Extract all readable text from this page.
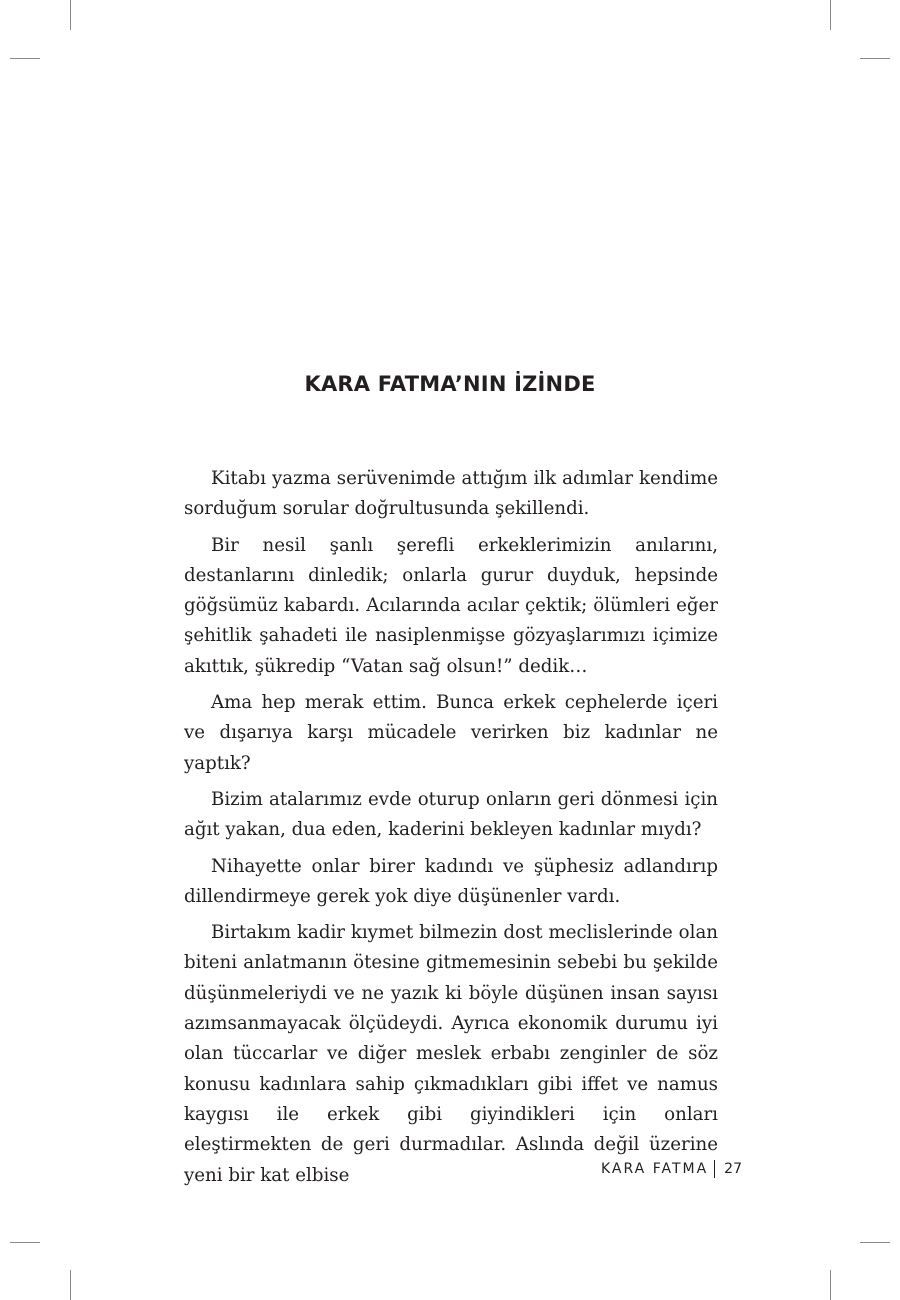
KARA FATMA’NIN İZİNDE

Kitabı yazma serüvenimde attığım ilk adımlar kendime sorduğum sorular doğrultusunda şekillendi.

Bir nesil şanlı şerefli erkeklerimizin anılarını, destanlarını dinledik; onlarla gurur duyduk, hepsinde göğsümüz kabardı. Acılarında acılar çektik; ölümleri eğer şehitlik şahadeti ile nasiplenmişse gözyaşlarımızı içimize akıttık, şükredip “Vatan sağ olsun!” dedik…

Ama hep merak ettim. Bunca erkek cephelerde içeri ve dışarıya karşı mücadele verirken biz kadınlar ne yaptık?

Bizim atalarımız evde oturup onların geri dönmesi için ağıt yakan, dua eden, kaderini bekleyen kadınlar mıydı?

Nihayette onlar birer kadındı ve şüphesiz adlandırıp dillendirmeye gerek yok diye düşünenler vardı.

Birtakım kadir kıymet bilmezin dost meclislerinde olan biteni anlatmanın ötesine gitmemesinin sebebi bu şekilde düşünmeleriydi ve ne yazık ki böyle düşünen insan sayısı azımsanmayacak ölçüdeydi. Ayrıca ekonomik durumu iyi olan tüccarlar ve diğer meslek erbabı zenginler de söz konusu kadınlara sahip çıkmadıkları gibi iffet ve namus kaygısı ile erkek gibi giyindikleri için onları eleştirmekten de geri durmadılar. Aslında değil üzerine yeni bir kat elbise	KARA FATMA 27
